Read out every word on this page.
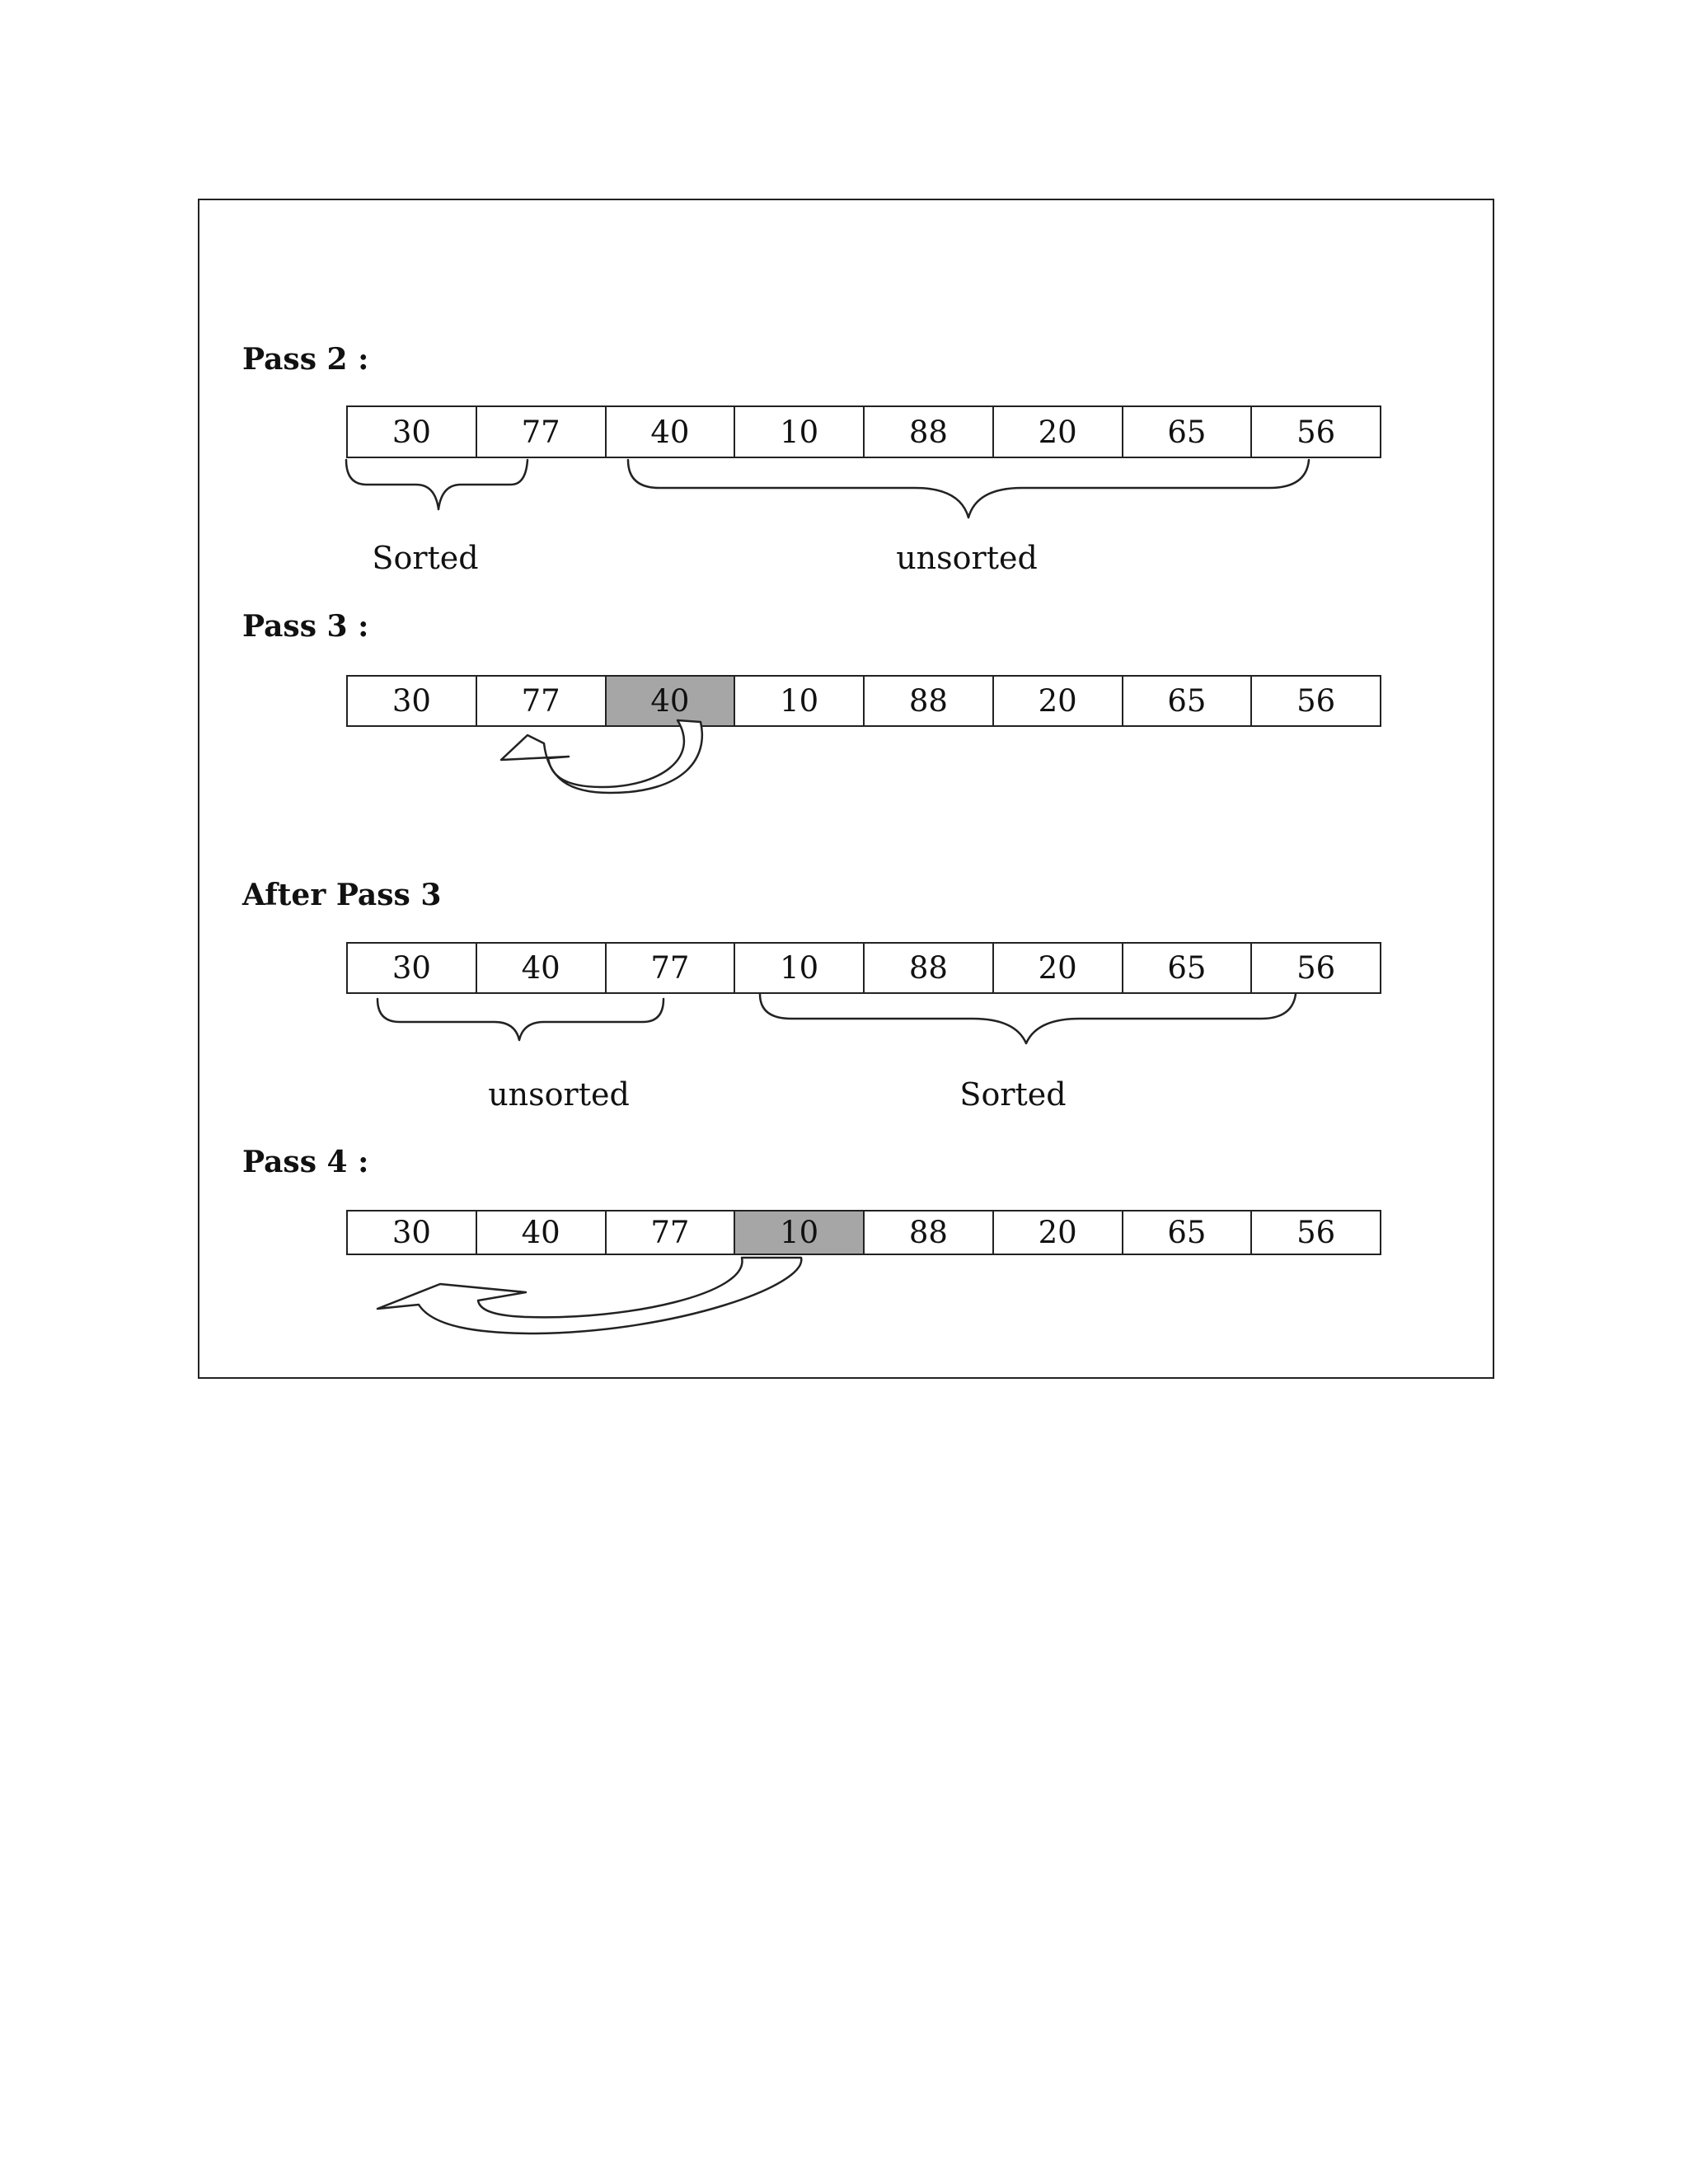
Pass 2 :
30	77	40	10	88	20	65	56
Sorted	unsorted
Pass 3 :
30	77	40	10	88	20	65	56
After Pass 3
30	40	77	10	88	20	65	56
unsorted	Sorted
Pass 4 :
30	40	77	10	88	20	65	56
